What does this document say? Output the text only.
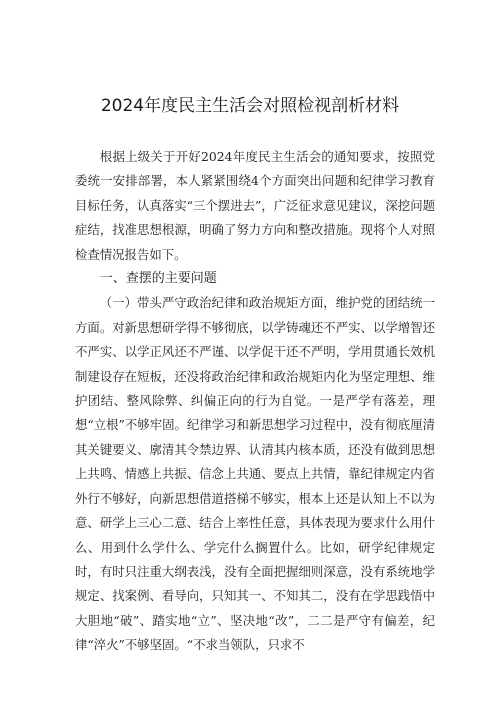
2024年度民主生活会对照检视剖析材料

根据上级关于开好2024年度民主生活会的通知要求，按照党委统一安排部署，本人紧紧围绕4个方面突出问题和纪律学习教育目标任务，认真落实“三个摆进去”，广泛征求意见建议，深挖问题症结，找准思想根源，明确了努力方向和整改措施。现将个人对照检查情况报告如下。

一、查摆的主要问题

（一）带头严守政治纪律和政治规矩方面，维护党的团结统一方面。对新思想研学得不够彻底，以学铸魂还不严实、以学增智还不严实、以学正风还不严谨、以学促干还不严明，学用贯通长效机制建设存在短板，还没将政治纪律和政治规矩内化为坚定理想、维护团结、整风除弊、纠偏正向的行为自觉。一是严学有落差，理想“立根”不够牢固。纪律学习和新思想学习过程中，没有彻底厘清其关键要义、廓清其令禁边界、认清其内核本质，还没有做到思想上共鸣、情感上共振、信念上共通、要点上共情，靠纪律规定内省外行不够好，向新思想借道搭梯不够实，根本上还是认知上不以为意、研学上三心二意、结合上率性任意，具体表现为要求什么用什么、用到什么学什么、学完什么搁置什么。比如，研学纪律规定时，有时只注重大纲表浅，没有全面把握细则深意，没有系统地学规定、找案例、看导向，只知其一、不知其二，没有在学思践悟中大胆地“破”、踏实地“立”、坚决地“改”，二二是严守有偏差，纪律“淬火”不够坚固。“不求当领队，只求不
